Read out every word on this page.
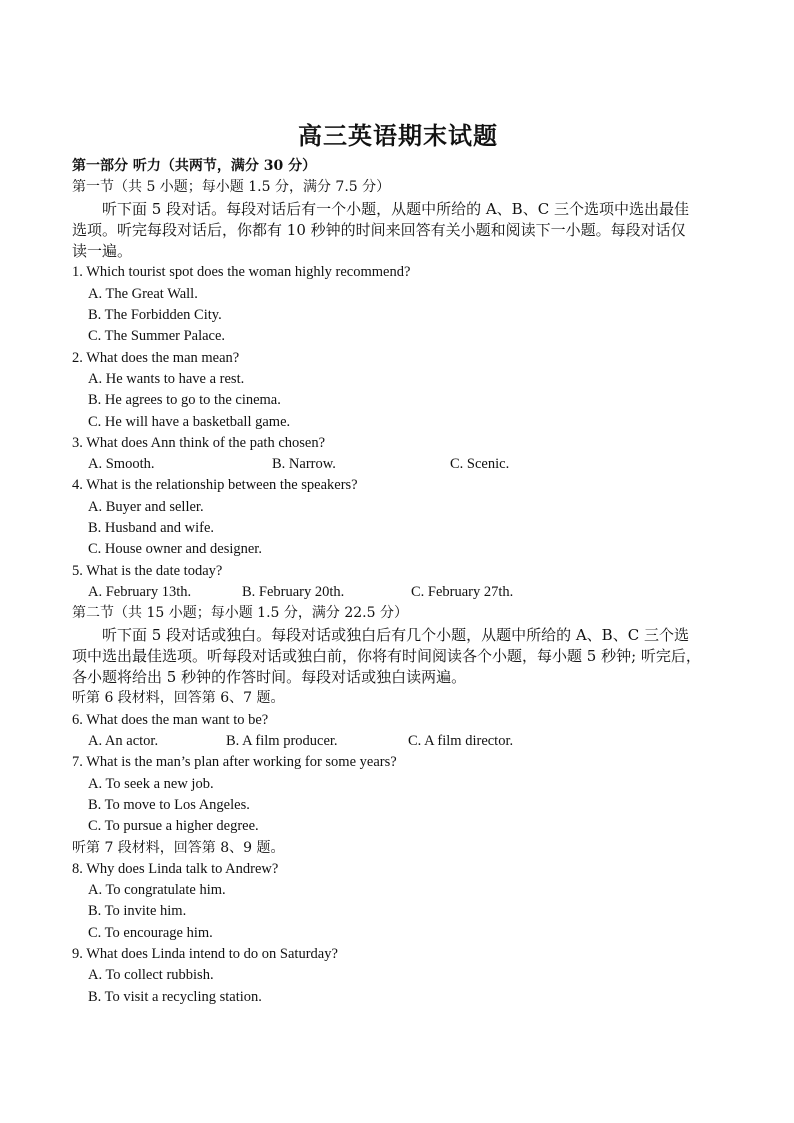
高三英语期末试题
第一部分 听力（共两节，满分 30 分）
第一节（共 5 小题；每小题 1.5 分，满分 7.5 分）
听下面 5 段对话。每段对话后有一个小题，从题中所给的 A、B、C 三个选项中选出最佳
选项。听完每段对话后，你都有 10 秒钟的时间来回答有关小题和阅读下一小题。每段对话仅
读一遍。
1. Which tourist spot does the woman highly recommend?
A. The Great Wall.
B. The Forbidden City.
C. The Summer Palace.
2. What does the man mean?
A. He wants to have a rest.
B. He agrees to go to the cinema.
C. He will have a basketball game.
3. What does Ann think of the path chosen?
A. Smooth.	B. Narrow.	C. Scenic.
4. What is the relationship between the speakers?
A. Buyer and seller.
B. Husband and wife.
C. House owner and designer.
5. What is the date today?
A. February 13th.	B. February 20th.	C. February 27th.
第二节（共 15 小题；每小题 1.5 分，满分 22.5 分）
听下面 5 段对话或独白。每段对话或独白后有几个小题，从题中所给的 A、B、C 三个选
项中选出最佳选项。听每段对话或独白前，你将有时间阅读各个小题，每小题 5 秒钟; 听完后，
各小题将给出 5 秒钟的作答时间。每段对话或独白读两遍。
听第 6 段材料，回答第 6、7 题。
6. What does the man want to be?
A. An actor.	B. A film producer.	C. A film director.
7. What is the man’s plan after working for some years?
A. To seek a new job.
B. To move to Los Angeles.
C. To pursue a higher degree.
听第 7 段材料，回答第 8、9 题。
8. Why does Linda talk to Andrew?
A. To congratulate him.
B. To invite him.
C. To encourage him.
9. What does Linda intend to do on Saturday?
A. To collect rubbish.
B. To visit a recycling station.
